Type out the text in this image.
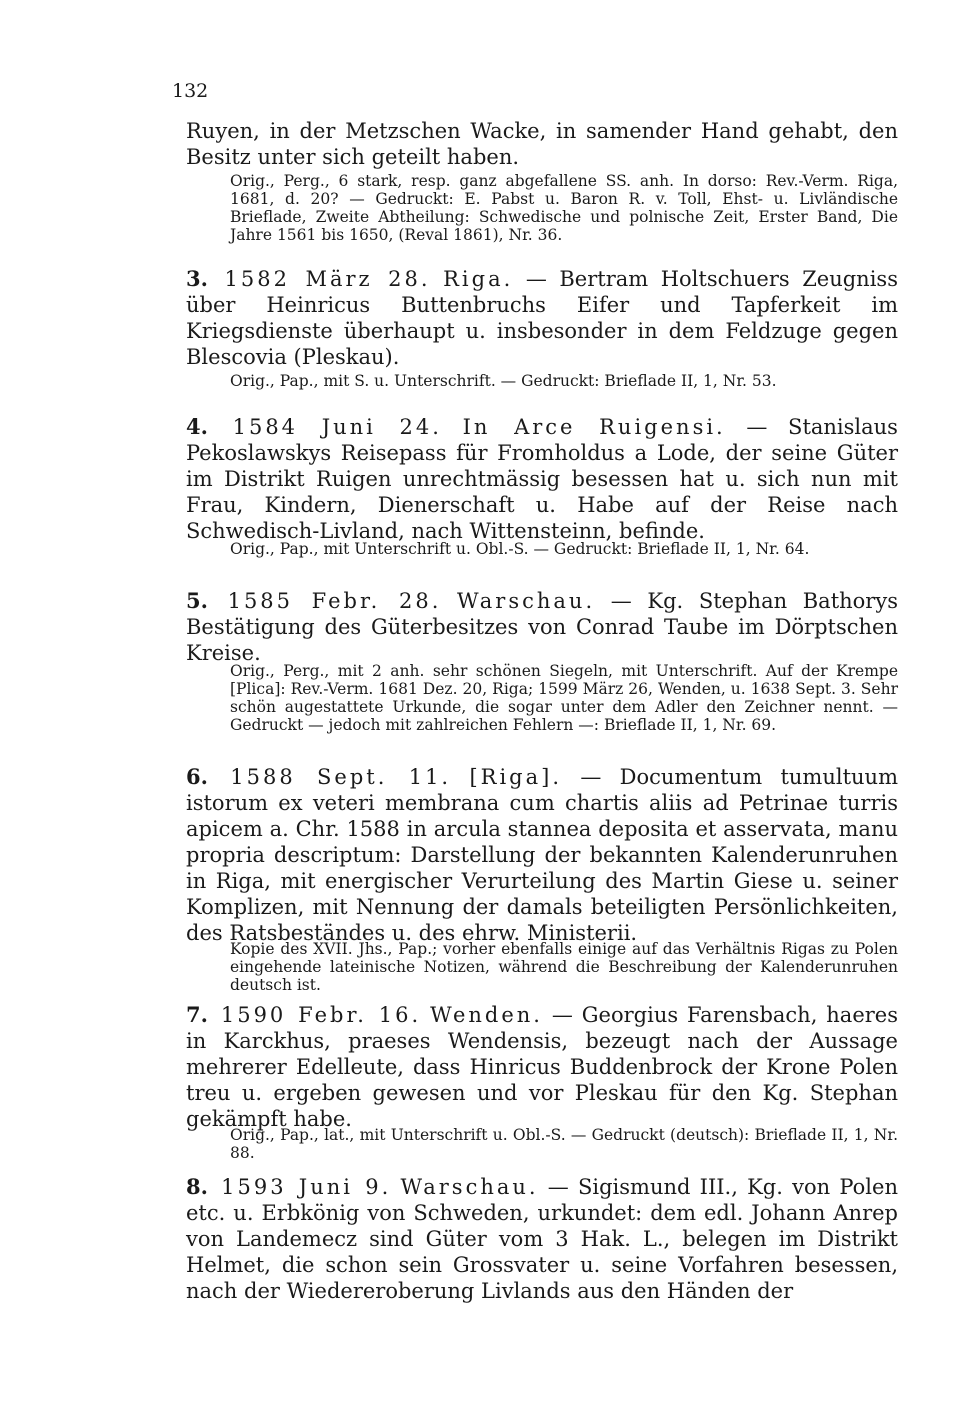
132
Ruyen, in der Metzschen Wacke, in samender Hand gehabt, den Besitz unter sich geteilt haben.
Orig., Perg., 6 stark, resp. ganz abgefallene SS. anh. In dorso: Rev.-Verm. Riga, 1681, d. 20? — Gedruckt: E. Pabst u. Baron R. v. Toll, Ehst- u. Livländische Brieflade, Zweite Abtheilung: Schwedische und polnische Zeit, Erster Band, Die Jahre 1561 bis 1650, (Reval 1861), Nr. 36.
3. 1582 März 28. Riga. — Bertram Holtschuers Zeugniss über Heinricus Buttenbruchs Eifer und Tapferkeit im Kriegsdienste überhaupt u. insbesonder in dem Feldzuge gegen Blescovia (Pleskau).
Orig., Pap., mit S. u. Unterschrift. — Gedruckt: Brieflade II, 1, Nr. 53.
4. 1584 Juni 24. In Arce Ruigensi. — Stanislaus Pekoslawskys Reisepass für Fromholdus a Lode, der seine Güter im Distrikt Ruigen unrechtmässig besessen hat u. sich nun mit Frau, Kindern, Dienerschaft u. Habe auf der Reise nach Schwedisch-Livland, nach Wittensteinn, befinde.
Orig., Pap., mit Unterschrift u. Obl.-S. — Gedruckt: Brieflade II, 1, Nr. 64.
5. 1585 Febr. 28. Warschau. — Kg. Stephan Bathorys Bestätigung des Güterbesitzes von Conrad Taube im Dörptschen Kreise.
Orig., Perg., mit 2 anh. sehr schönen Siegeln, mit Unterschrift. Auf der Krempe [Plica]: Rev.-Verm. 1681 Dez. 20, Riga; 1599 März 26, Wenden, u. 1638 Sept. 3. Sehr schön augestattete Urkunde, die sogar unter dem Adler den Zeichner nennt. — Gedruckt — jedoch mit zahlreichen Fehlern —: Brieflade II, 1, Nr. 69.
6. 1588 Sept. 11. [Riga]. — Documentum tumultuum istorum ex veteri membrana cum chartis aliis ad Petrinae turris apicem a. Chr. 1588 in arcula stannea deposita et asservata, manu propria descriptum: Darstellung der bekannten Kalenderunruhen in Riga, mit energischer Verurteilung des Martin Giese u. seiner Komplizen, mit Nennung der damals beteiligten Persönlichkeiten, des Ratsbeständes u. des ehrw. Ministerii.
Kopie des XVII. Jhs., Pap.; vorher ebenfalls einige auf das Verhältnis Rigas zu Polen eingehende lateinische Notizen, während die Beschreibung der Kalenderunruhen deutsch ist.
7. 1590 Febr. 16. Wenden. — Georgius Farensbach, haeres in Karckhus, praeses Wendensis, bezeugt nach der Aussage mehrerer Edelleute, dass Hinricus Buddenbrock der Krone Polen treu u. ergeben gewesen und vor Pleskau für den Kg. Stephan gekämpft habe.
Orig., Pap., lat., mit Unterschrift u. Obl.-S. — Gedruckt (deutsch): Brieflade II, 1, Nr. 88.
8. 1593 Juni 9. Warschau. — Sigismund III., Kg. von Polen etc. u. Erbkönig von Schweden, urkundet: dem edl. Johann Anrep von Landemecz sind Güter vom 3 Hak. L., belegen im Distrikt Helmet, die schon sein Grossvater u. seine Vorfahren besessen, nach der Wiedereroberung Livlands aus den Händen der
